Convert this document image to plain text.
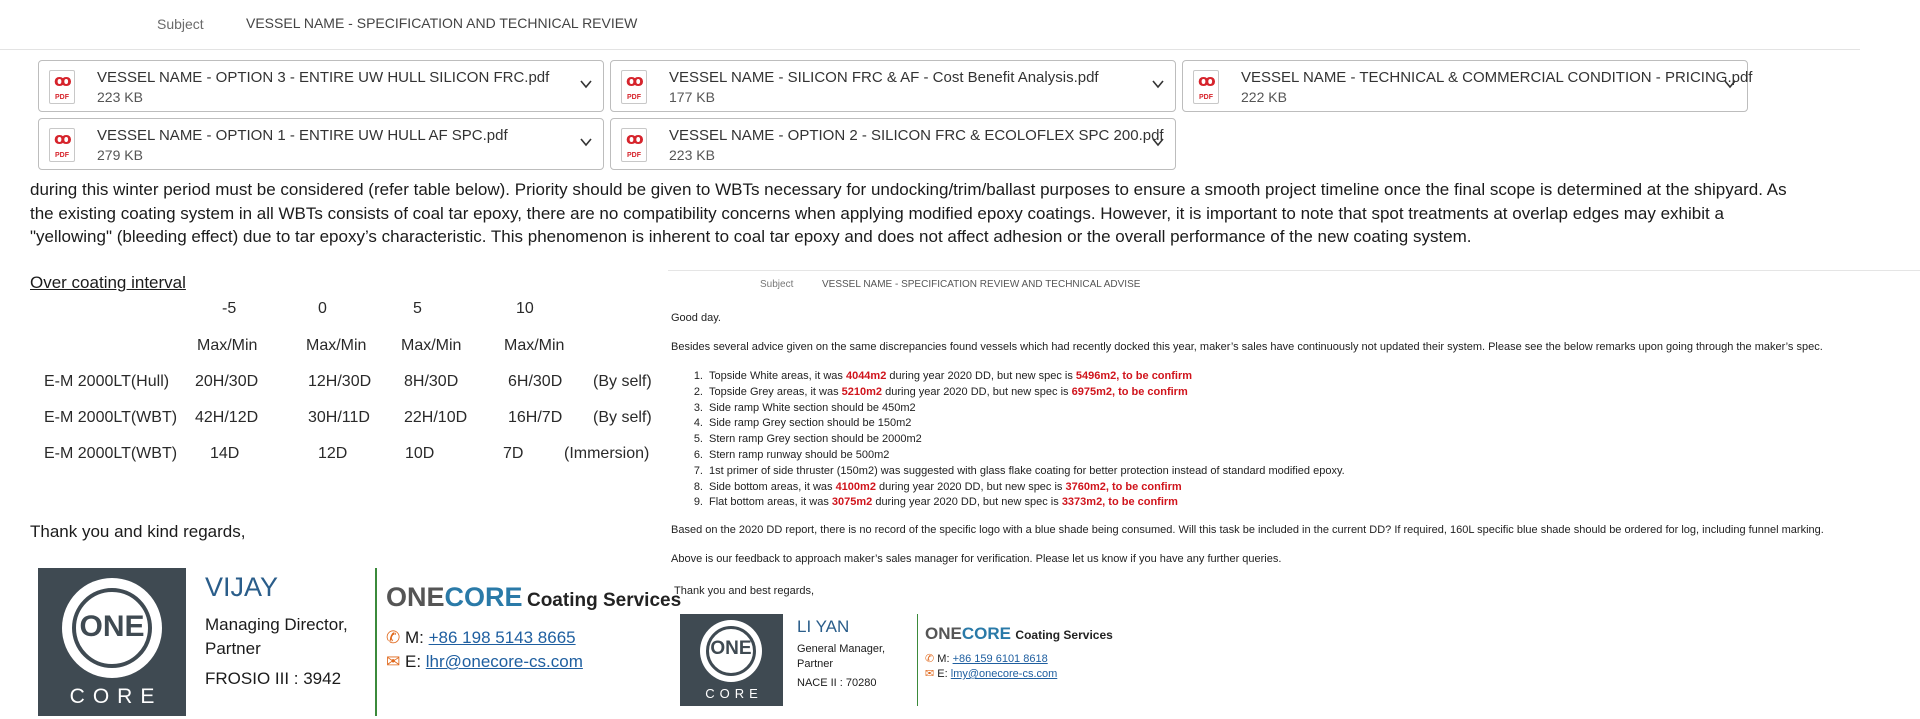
Subject	VESSEL NAME - SPECIFICATION AND TECHNICAL REVIEW
ꝏ
PDF
VESSEL NAME - OPTION 3 - ENTIRE UW HULL SILICON FRC.pdf
223 KB
ꝏ
PDF
VESSEL NAME - SILICON FRC & AF - Cost Benefit Analysis.pdf
177 KB
ꝏ
PDF
VESSEL NAME - TECHNICAL & COMMERCIAL CONDITION - PRICING.pdf
222 KB
ꝏ
PDF
VESSEL NAME - OPTION 1 - ENTIRE UW HULL AF SPC.pdf
279 KB
ꝏ
PDF
VESSEL NAME - OPTION 2 - SILICON FRC & ECOLOFLEX SPC 200.pdf
223 KB
during this winter period must be considered (refer table below). Priority should be given to WBTs necessary for undocking/trim/ballast purposes to ensure a smooth project timeline once the final scope is determined at the shipyard. As
the existing coating system in all WBTs consists of coal tar epoxy, there are no compatibility concerns when applying modified epoxy coatings. However, it is important to note that spot treatments at overlap edges may exhibit a
"yellowing" (bleeding effect) due to tar epoxy’s characteristic. This phenomenon is inherent to coal tar epoxy and does not affect adhesion or the overall performance of the new coating system.
Over coating interval
-5	0	5	10
Max/Min	Max/Min Max/Min	Max/Min
E-M 2000LT(Hull) 20H/30D	12H/30D 8H/30D	6H/30D (By self)
E-M 2000LT(WBT) 42H/12D	30H/11D 22H/10D	16H/7D (By self)
E-M 2000LT(WBT) 14D	12D	10D	7D	(Immersion)
Thank you and kind regards,
ONE
CORE
VIJAY
Managing Director,
Partner
FROSIO III : 3942
ONECORE Coating Services
✆ M: +86 198 5143 8665
✉ E: lhr@onecore-cs.com
Subject	VESSEL NAME - SPECIFICATION REVIEW AND TECHNICAL ADVISE
Good day.
Besides several advice given on the same discrepancies found vessels which had recently docked this year, maker’s sales have continuously not updated their system. Please see the below remarks upon going through the maker’s spec.
1. Topside White areas, it was 4044m2 during year 2020 DD, but new spec is 5496m2, to be confirm
2. Topside Grey areas, it was 5210m2 during year 2020 DD, but new spec is 6975m2, to be confirm
3. Side ramp White section should be 450m2
4. Side ramp Grey section should be 150m2
5. Stern ramp Grey section should be 2000m2
6. Stern ramp runway should be 500m2
7. 1st primer of side thruster (150m2) was suggested with glass flake coating for better protection instead of standard modified epoxy.
8. Side bottom areas, it was 4100m2 during year 2020 DD, but new spec is 3760m2, to be confirm
9. Flat bottom areas, it was 3075m2 during year 2020 DD, but new spec is 3373m2, to be confirm
Based on the 2020 DD report, there is no record of the specific logo with a blue shade being consumed. Will this task be included in the current DD? If required, 160L specific blue shade should be ordered for log, including funnel marking.
Above is our feedback to approach maker’s sales manager for verification. Please let us know if you have any further queries.
Thank you and best regards,
ONE
CORE
LI YAN
General Manager,
Partner
NACE II : 70280
ONECORE Coating Services
✆ M: +86 159 6101 8618
✉ E: lmy@onecore-cs.com
